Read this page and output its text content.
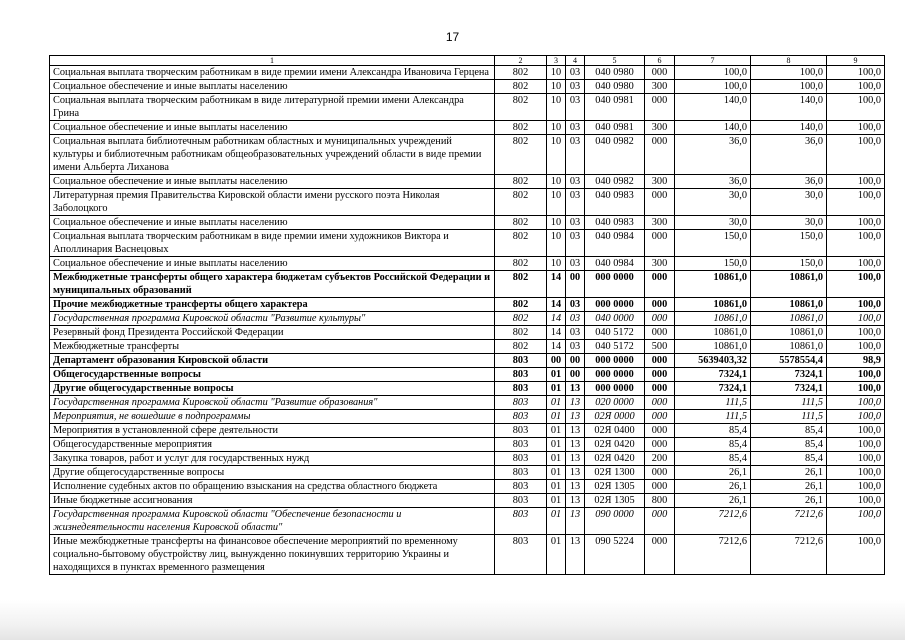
17
1	2	3	4	5	6	7	8	9
Социальная выплата творческим работникам в виде премии имени Александра Ивановича Герцена	802	10	03	040 0980	000	100,0	100,0	100,0
Социальное обеспечение и иные выплаты населению	802	10	03	040 0980	300	100,0	100,0	100,0
Социальная выплата творческим работникам в виде литературной премии имени Александра Грина	802	10	03	040 0981	000	140,0	140,0	100,0
Социальное обеспечение и иные выплаты населению	802	10	03	040 0981	300	140,0	140,0	100,0
Социальная выплата библиотечным работникам областных и муниципальных учреждений культуры и библиотечным работникам общеобразовательных учреждений области в виде премии имени Альберта Лиханова	802	10	03	040 0982	000	36,0	36,0	100,0
Социальное обеспечение и иные выплаты населению	802	10	03	040 0982	300	36,0	36,0	100,0
Литературная премия Правительства Кировской области имени русского поэта Николая Заболоцкого	802	10	03	040 0983	000	30,0	30,0	100,0
Социальное обеспечение и иные выплаты населению	802	10	03	040 0983	300	30,0	30,0	100,0
Социальная выплата творческим работникам в виде премии имени художников Виктора и Аполлинария Васнецовых	802	10	03	040 0984	000	150,0	150,0	100,0
Социальное обеспечение и иные выплаты населению	802	10	03	040 0984	300	150,0	150,0	100,0
Межбюджетные трансферты общего характера бюджетам субъектов Российской Федерации и муниципальных образований	802	14	00	000 0000	000	10861,0	10861,0	100,0
Прочие межбюджетные трансферты общего характера	802	14	03	000 0000	000	10861,0	10861,0	100,0
Государственная программа Кировской области "Развитие культуры"	802	14	03	040 0000	000	10861,0	10861,0	100,0
Резервный фонд Президента Российской Федерации	802	14	03	040 5172	000	10861,0	10861,0	100,0
Межбюджетные трансферты	802	14	03	040 5172	500	10861,0	10861,0	100,0
Департамент образования Кировской области	803	00	00	000 0000	000	5639403,32	5578554,4	98,9
Общегосударственные вопросы	803	01	00	000 0000	000	7324,1	7324,1	100,0
Другие общегосударственные вопросы	803	01	13	000 0000	000	7324,1	7324,1	100,0
Государственная программа Кировской области "Развитие образования"	803	01	13	020 0000	000	111,5	111,5	100,0
Мероприятия, не вошедшие в подпрограммы	803	01	13	02Я 0000	000	111,5	111,5	100,0
Мероприятия в установленной сфере деятельности	803	01	13	02Я 0400	000	85,4	85,4	100,0
Общегосударственные мероприятия	803	01	13	02Я 0420	000	85,4	85,4	100,0
Закупка товаров, работ и услуг для государственных нужд	803	01	13	02Я 0420	200	85,4	85,4	100,0
Другие общегосударственные вопросы	803	01	13	02Я 1300	000	26,1	26,1	100,0
Исполнение судебных актов по обращению взыскания на средства областного бюджета	803	01	13	02Я 1305	000	26,1	26,1	100,0
Иные бюджетные ассигнования	803	01	13	02Я 1305	800	26,1	26,1	100,0
Государственная программа Кировской области "Обеспечение безопасности и жизнедеятельности населения Кировской области"	803	01	13	090 0000	000	7212,6	7212,6	100,0
Иные межбюджетные трансферты на финансовое обеспечение мероприятий по временному социально-бытовому обустройству лиц, вынужденно покинувших территорию Украины и находящихся в пунктах временного размещения	803	01	13	090 5224	000	7212,6	7212,6	100,0
